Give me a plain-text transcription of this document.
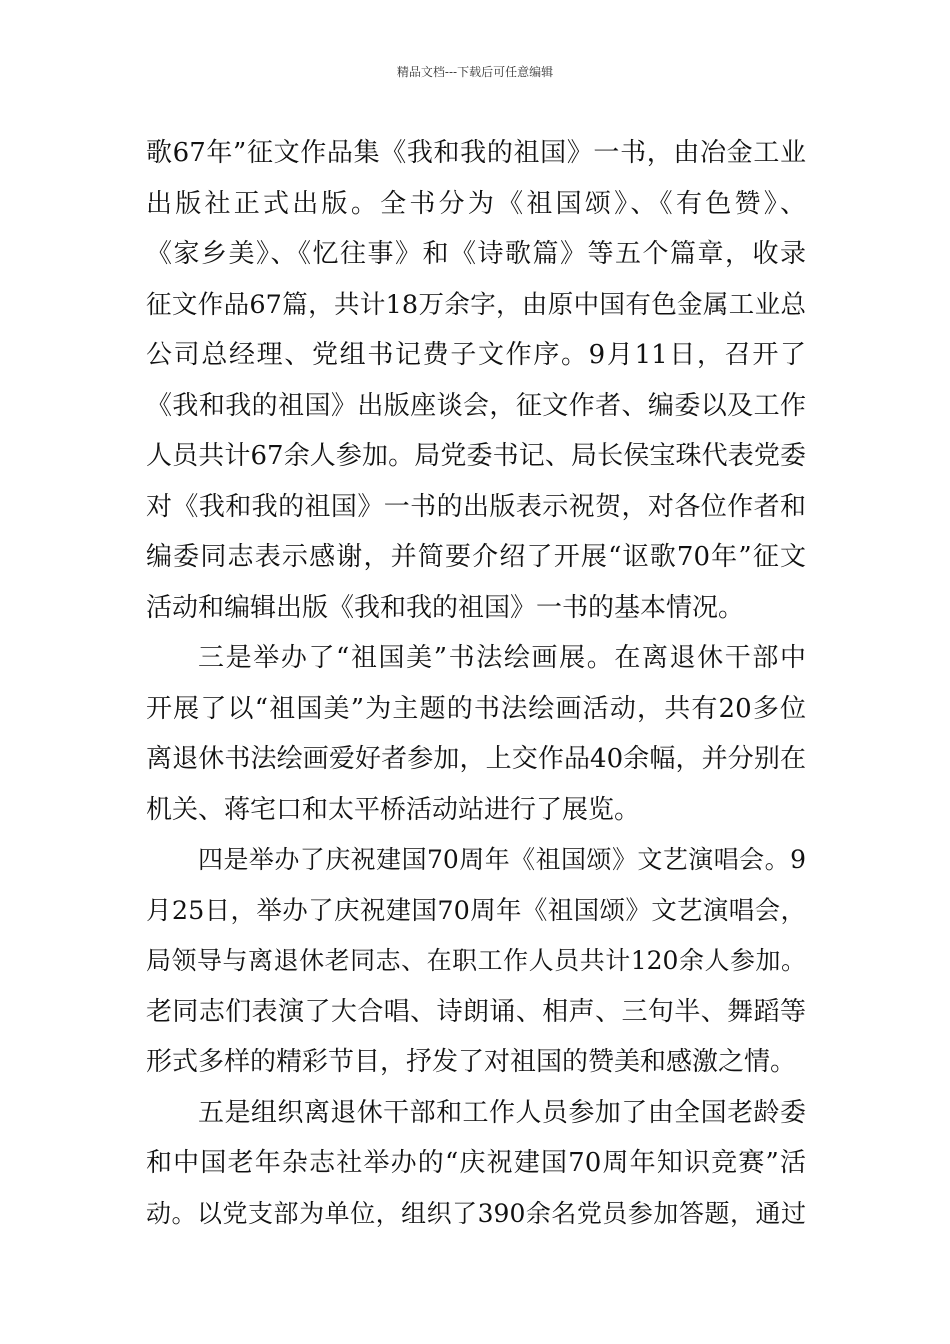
精品文档---下载后可任意编辑
歌67年”征文作品集《我和我的祖国》一书，由冶金工业
出版社正式出版。全书分为《祖国颂》、《有色赞》、
《家乡美》、《忆往事》和《诗歌篇》等五个篇章，收录
征文作品67篇，共计18万余字，由原中国有色金属工业总
公司总经理、党组书记费子文作序。9月11日，召开了
《我和我的祖国》出版座谈会，征文作者、编委以及工作
人员共计67余人参加。局党委书记、局长侯宝珠代表党委
对《我和我的祖国》一书的出版表示祝贺，对各位作者和
编委同志表示感谢，并简要介绍了开展“讴歌70年”征文
活动和编辑出版《我和我的祖国》一书的基本情况。
三是举办了“祖国美”书法绘画展。在离退休干部中
开展了以“祖国美”为主题的书法绘画活动，共有20多位
离退休书法绘画爱好者参加，上交作品40余幅，并分别在
机关、蒋宅口和太平桥活动站进行了展览。
四是举办了庆祝建国70周年《祖国颂》文艺演唱会。9
月25日，举办了庆祝建国70周年《祖国颂》文艺演唱会，
局领导与离退休老同志、在职工作人员共计120余人参加。
老同志们表演了大合唱、诗朗诵、相声、三句半、舞蹈等
形式多样的精彩节目，抒发了对祖国的赞美和感激之情。
五是组织离退休干部和工作人员参加了由全国老龄委
和中国老年杂志社举办的“庆祝建国70周年知识竞赛”活
动。以党支部为单位，组织了390余名党员参加答题，通过
